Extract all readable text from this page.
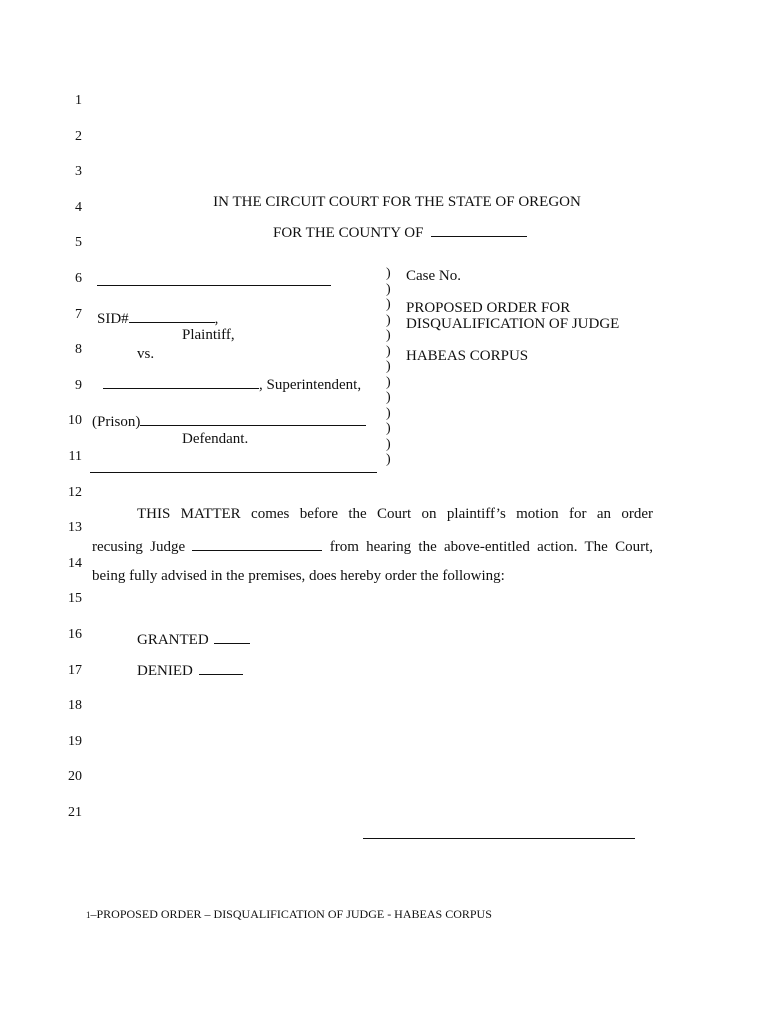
1
2
3
4
5
6
7
8
9
10
11
12
13
14
15
16
17
18
19
20
21
IN THE CIRCUIT COURT FOR THE STATE OF OREGON
FOR THE COUNTY OF
SID#	,
Plaintiff,
vs.
, Superintendent,
(Prison)
Defendant.
)
)
)
)
)
)
)
)
)
)
)
)
)
Case No.
PROPOSED ORDER FOR
DISQUALIFICATION OF JUDGE
HABEAS CORPUS
THIS MATTER comes before the Court on plaintiff’s motion for an order
recusing Judge	from hearing the above-entitled action. The Court,
being fully advised in the premises, does hereby order the following:
GRANTED
DENIED
1–PROPOSED ORDER – DISQUALIFICATION OF JUDGE - HABEAS CORPUS
